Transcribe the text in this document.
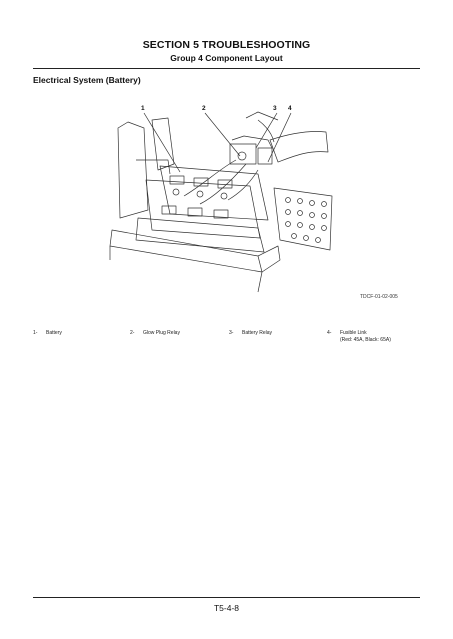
SECTION 5 TROUBLESHOOTING
Group 4 Component Layout
Electrical System (Battery)
1	2	3 4
TDCF-01-02-005
1- Battery	2- Glow Plug Relay	3- Battery Relay	4- Fusible Link
(Red: 45A, Black: 65A)
T5-4-8
